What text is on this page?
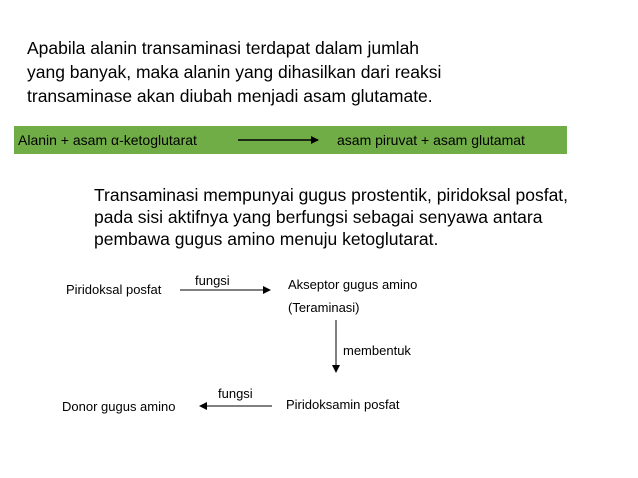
Apabila alanin transaminasi terdapat dalam jumlah
yang banyak, maka alanin yang dihasilkan dari reaksi
transaminase akan diubah menjadi asam glutamate.
Alanin + asam α-ketoglutarat	asam piruvat + asam glutamat
Transaminasi mempunyai gugus prostentik, piridoksal posfat,
pada sisi aktifnya yang berfungsi sebagai senyawa antara
pembawa gugus amino menuju ketoglutarat.
Piridoksal posfat
fungsi	Akseptor gugus amino
(Teraminasi)
membentuk
fungsi
Piridoksamin posfat
Donor gugus amino
